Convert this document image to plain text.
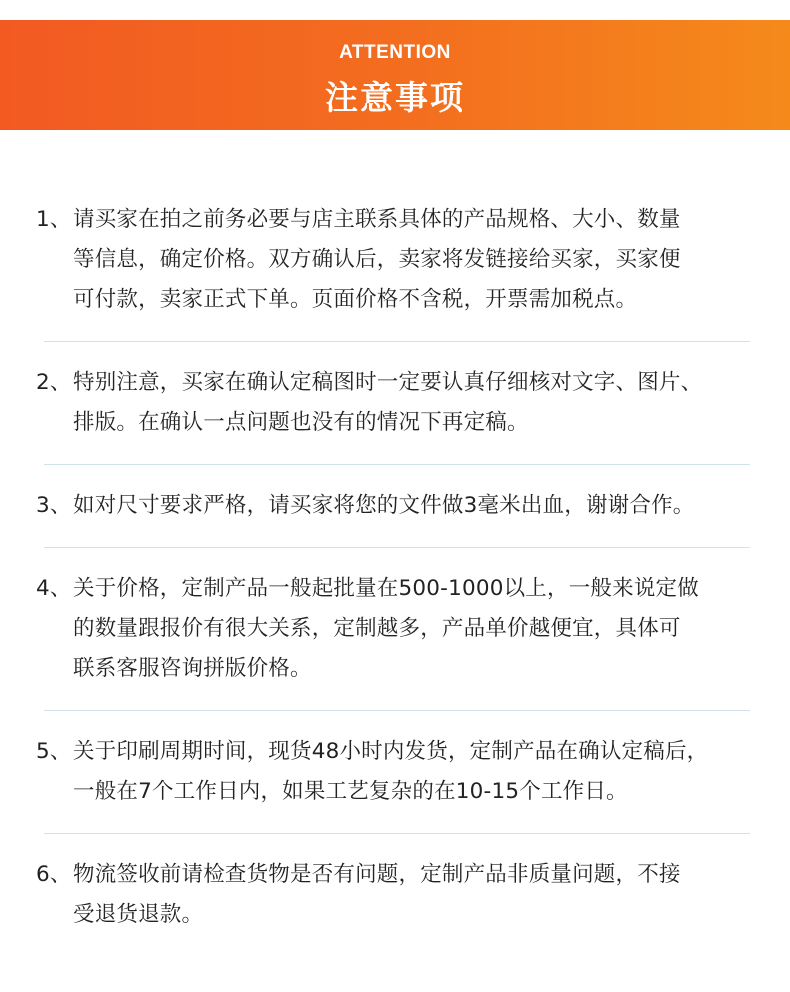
ATTENTION
注意事项
1、 请买家在拍之前务必要与店主联系具体的产品规格、大小、数量
等信息，确定价格。双方确认后，卖家将发链接给买家，买家便
可付款，卖家正式下单。页面价格不含税，开票需加税点。
2、 特别注意，买家在确认定稿图时一定要认真仔细核对文字、图片、
排版。在确认一点问题也没有的情况下再定稿。
3、 如对尺寸要求严格，请买家将您的文件做3毫米出血，谢谢合作。
4、 关于价格，定制产品一般起批量在500-1000以上，一般来说定做
的数量跟报价有很大关系，定制越多，产品单价越便宜，具体可
联系客服咨询拼版价格。
5、 关于印刷周期时间，现货48小时内发货，定制产品在确认定稿后，
一般在7个工作日内，如果工艺复杂的在10-15个工作日。
6、 物流签收前请检查货物是否有问题，定制产品非质量问题，不接
受退货退款。
